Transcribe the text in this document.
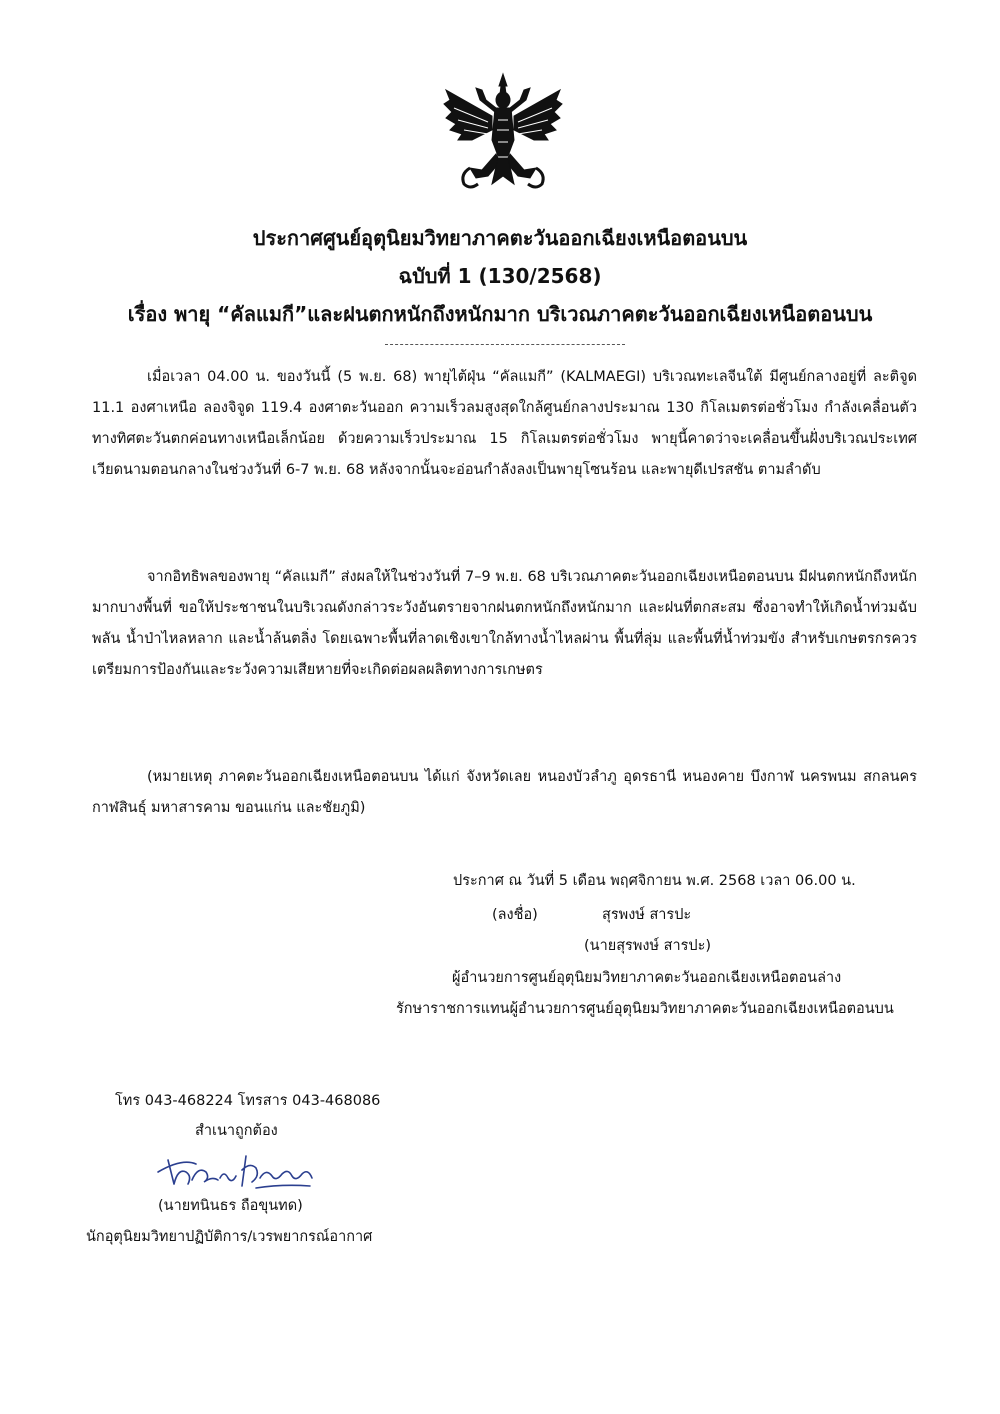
ประกาศศูนย์อุตุนิยมวิทยาภาคตะวันออกเฉียงเหนือตอนบน
ฉบับที่ 1 (130/2568)
เรื่อง พายุ “คัลแมกี”และฝนตกหนักถึงหนักมาก บริเวณภาคตะวันออกเฉียงเหนือตอนบน
เมื่อเวลา 04.00 น. ของวันนี้ (5 พ.ย. 68) พายุไต้ฝุ่น “คัลแมกี” (KALMAEGI) บริเวณทะเลจีนใต้ มีศูนย์กลางอยู่ที่ ละติจูด 11.1 องศาเหนือ ลองจิจูด 119.4 องศาตะวันออก ความเร็วลมสูงสุดใกล้ศูนย์กลางประมาณ 130 กิโลเมตรต่อชั่วโมง กำลังเคลื่อนตัวทางทิศตะวันตกค่อนทางเหนือเล็กน้อย ด้วยความเร็วประมาณ 15 กิโลเมตรต่อชั่วโมง พายุนี้คาดว่าจะเคลื่อนขึ้นฝั่งบริเวณประเทศเวียดนามตอนกลางในช่วงวันที่ 6-7 พ.ย. 68 หลังจากนั้นจะอ่อนกำลังลงเป็นพายุโซนร้อน และพายุดีเปรสชัน ตามลำดับ
จากอิทธิพลของพายุ “คัลแมกี” ส่งผลให้ในช่วงวันที่ 7–9 พ.ย. 68 บริเวณภาคตะวันออกเฉียงเหนือตอนบน มีฝนตกหนักถึงหนักมากบางพื้นที่ ขอให้ประชาชนในบริเวณดังกล่าวระวังอันตรายจากฝนตกหนักถึงหนักมาก และฝนที่ตกสะสม ซึ่งอาจทำให้เกิดน้ำท่วมฉับพลัน น้ำป่าไหลหลาก และน้ำล้นตลิ่ง โดยเฉพาะพื้นที่ลาดเชิงเขาใกล้ทางน้ำไหลผ่าน พื้นที่ลุ่ม และพื้นที่น้ำท่วมขัง สำหรับเกษตรกรควรเตรียมการป้องกันและระวังความเสียหายที่จะเกิดต่อผลผลิตทางการเกษตร
(หมายเหตุ ภาคตะวันออกเฉียงเหนือตอนบน ได้แก่ จังหวัดเลย หนองบัวลำภู อุดรธานี หนองคาย บึงกาฬ นครพนม สกลนคร กาฬสินธุ์ มหาสารคาม ขอนแก่น และชัยภูมิ)
ประกาศ ณ วันที่ 5 เดือน พฤศจิกายน พ.ศ. 2568 เวลา 06.00 น.
(ลงชื่อ)	สุรพงษ์ สารปะ
(นายสุรพงษ์ สารปะ)
ผู้อำนวยการศูนย์อุตุนิยมวิทยาภาคตะวันออกเฉียงเหนือตอนล่าง
รักษาราชการแทนผู้อำนวยการศูนย์อุตุนิยมวิทยาภาคตะวันออกเฉียงเหนือตอนบน
โทร 043-468224 โทรสาร 043-468086
สำเนาถูกต้อง
(นายทนินธร ถือขุนทด)
นักอุตุนิยมวิทยาปฏิบัติการ/เวรพยากรณ์อากาศ
